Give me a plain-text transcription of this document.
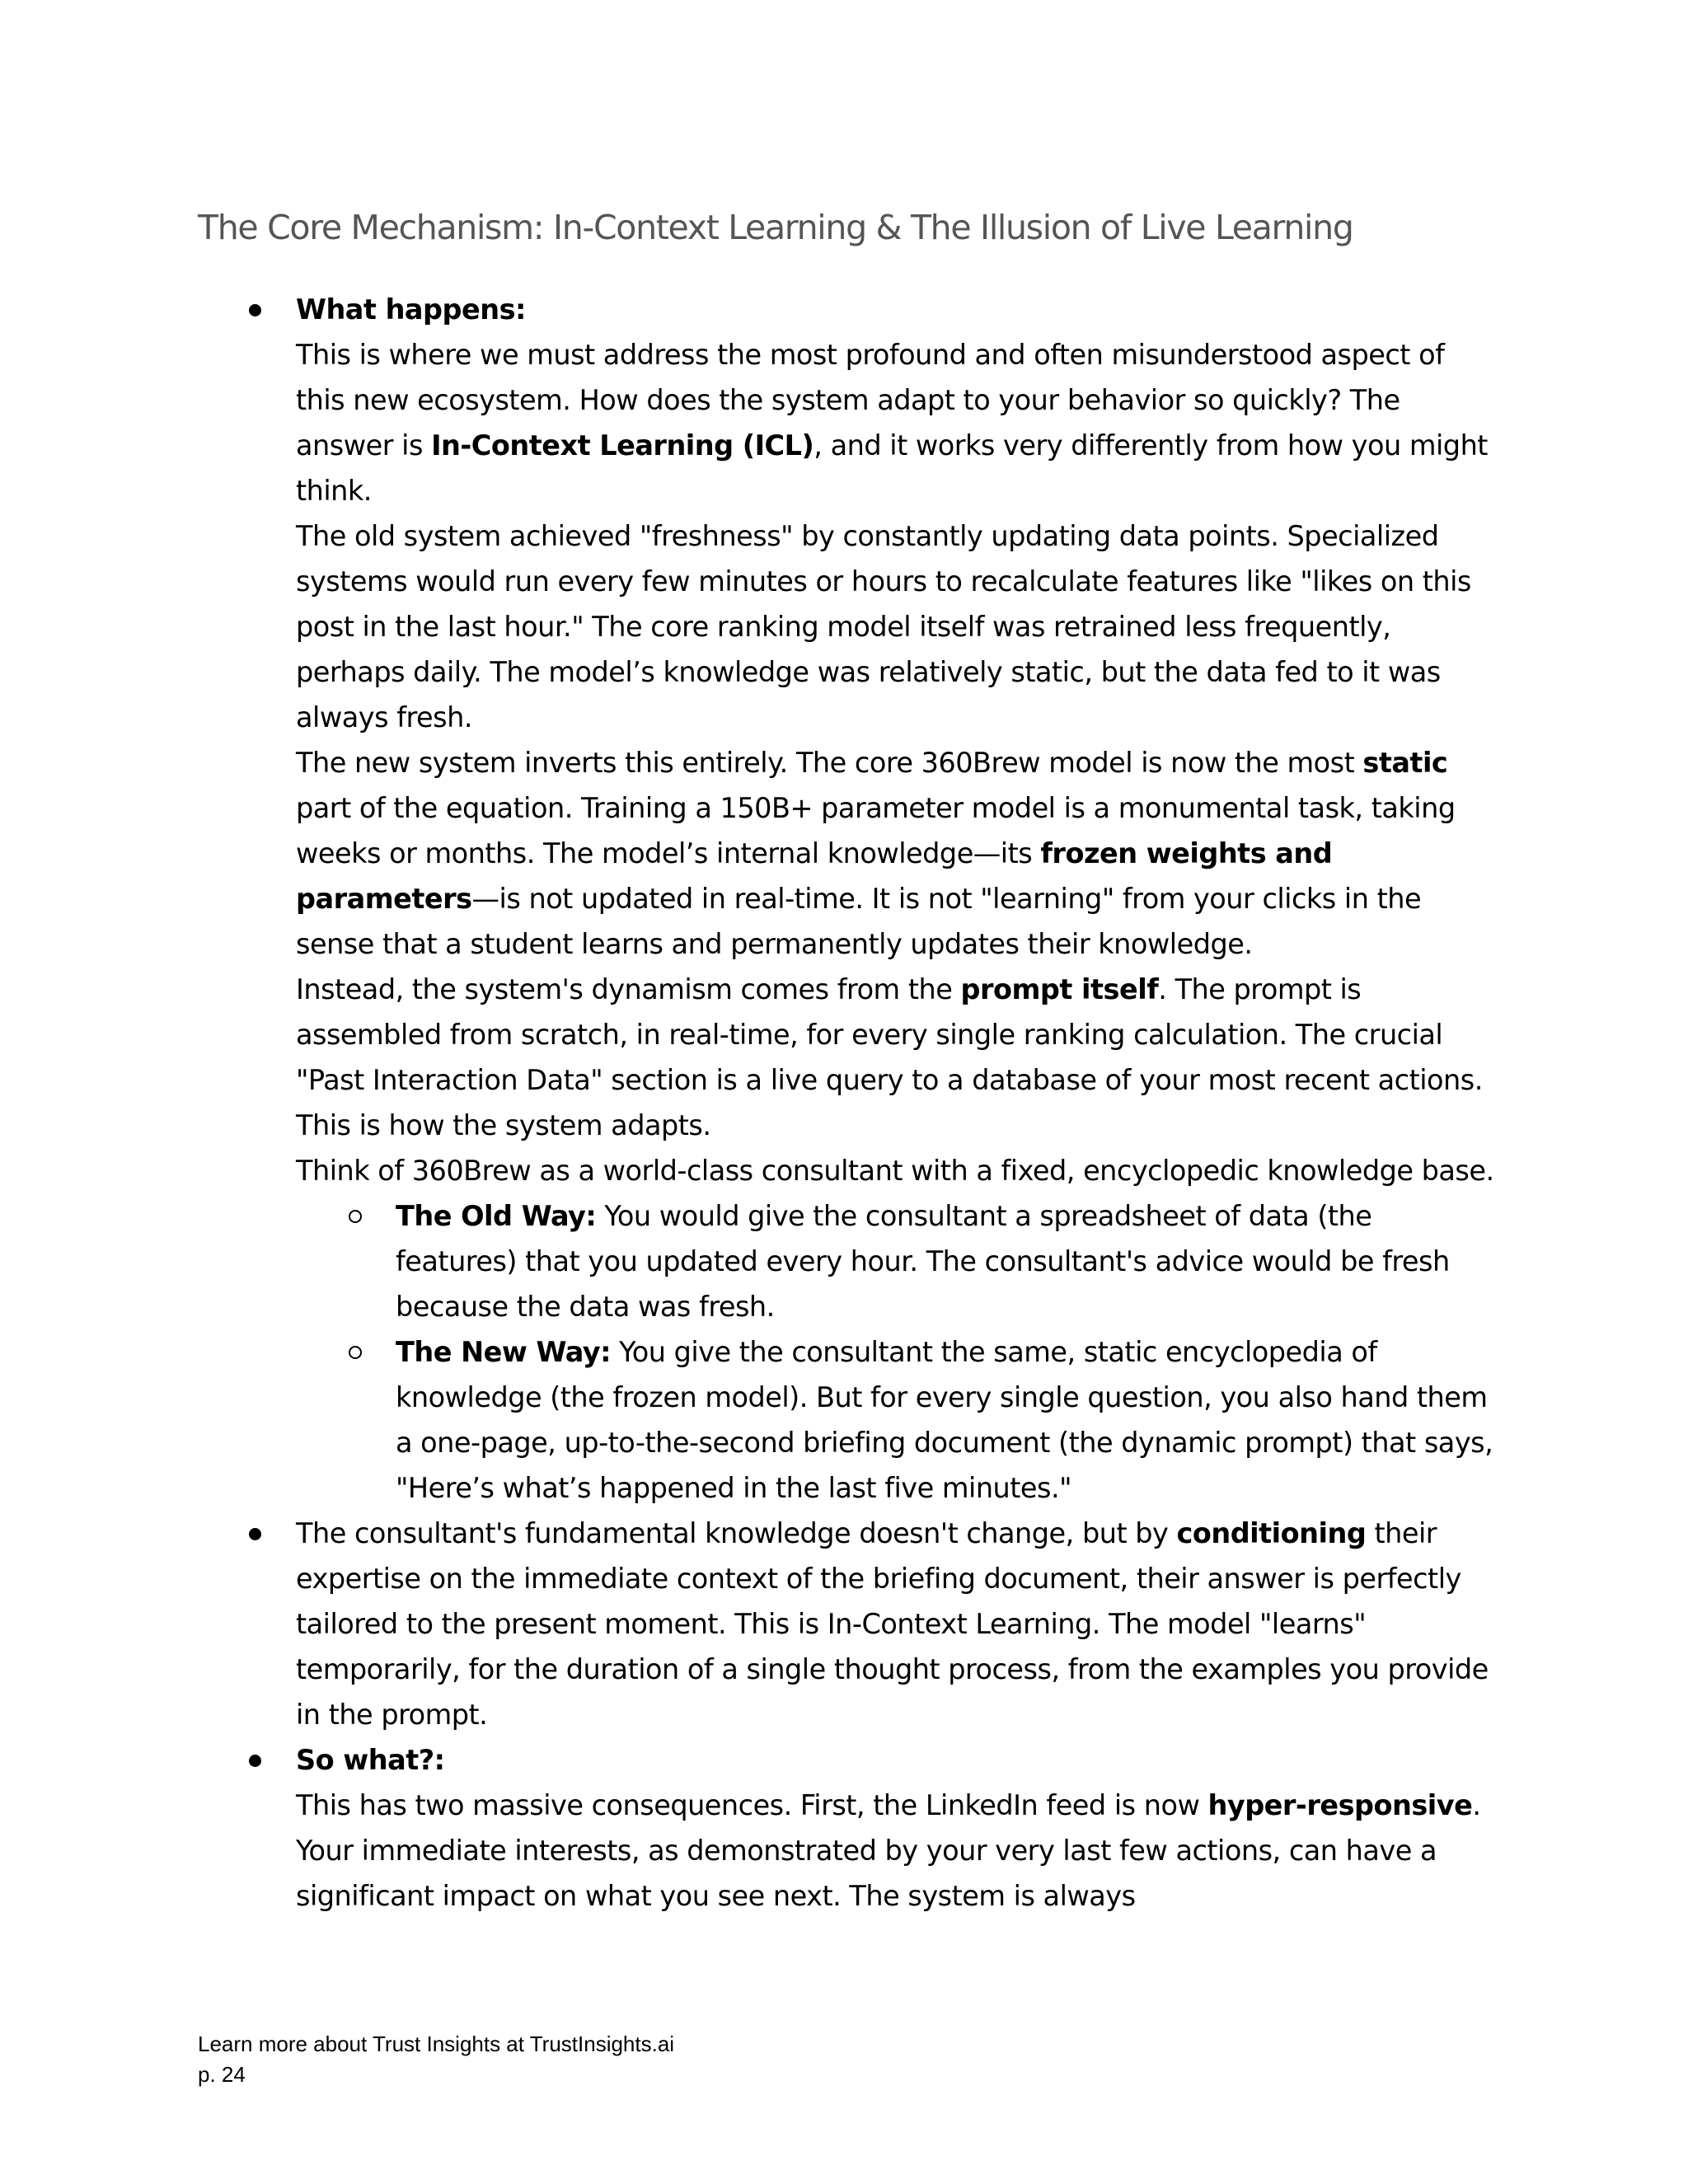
The Core Mechanism: In-Context Learning & The Illusion of Live Learning
What happens:
This is where we must address the most profound and often misunderstood aspect of this new ecosystem. How does the system adapt to your behavior so quickly? The answer is In-Context Learning (ICL), and it works very differently from how you might think.
The old system achieved "freshness" by constantly updating data points. Specialized systems would run every few minutes or hours to recalculate features like "likes on this post in the last hour." The core ranking model itself was retrained less frequently, perhaps daily. The model’s knowledge was relatively static, but the data fed to it was always fresh.
The new system inverts this entirely. The core 360Brew model is now the most static part of the equation. Training a 150B+ parameter model is a monumental task, taking weeks or months. The model’s internal knowledge—its frozen weights and parameters—is not updated in real-time. It is not "learning" from your clicks in the sense that a student learns and permanently updates their knowledge.
Instead, the system's dynamism comes from the prompt itself. The prompt is assembled from scratch, in real-time, for every single ranking calculation. The crucial "Past Interaction Data" section is a live query to a database of your most recent actions. This is how the system adapts.
Think of 360Brew as a world-class consultant with a fixed, encyclopedic knowledge base.
The Old Way: You would give the consultant a spreadsheet of data (the features) that you updated every hour. The consultant's advice would be fresh because the data was fresh.
The New Way: You give the consultant the same, static encyclopedia of knowledge (the frozen model). But for every single question, you also hand them a one-page, up-to-the-second briefing document (the dynamic prompt) that says, "Here’s what’s happened in the last five minutes."
The consultant's fundamental knowledge doesn't change, but by conditioning their expertise on the immediate context of the briefing document, their answer is perfectly tailored to the present moment. This is In-Context Learning. The model "learns" temporarily, for the duration of a single thought process, from the examples you provide in the prompt.
So what?:
This has two massive consequences. First, the LinkedIn feed is now hyper-responsive. Your immediate interests, as demonstrated by your very last few actions, can have a significant impact on what you see next. The system is always
Learn more about Trust Insights at TrustInsights.ai
p. 24
